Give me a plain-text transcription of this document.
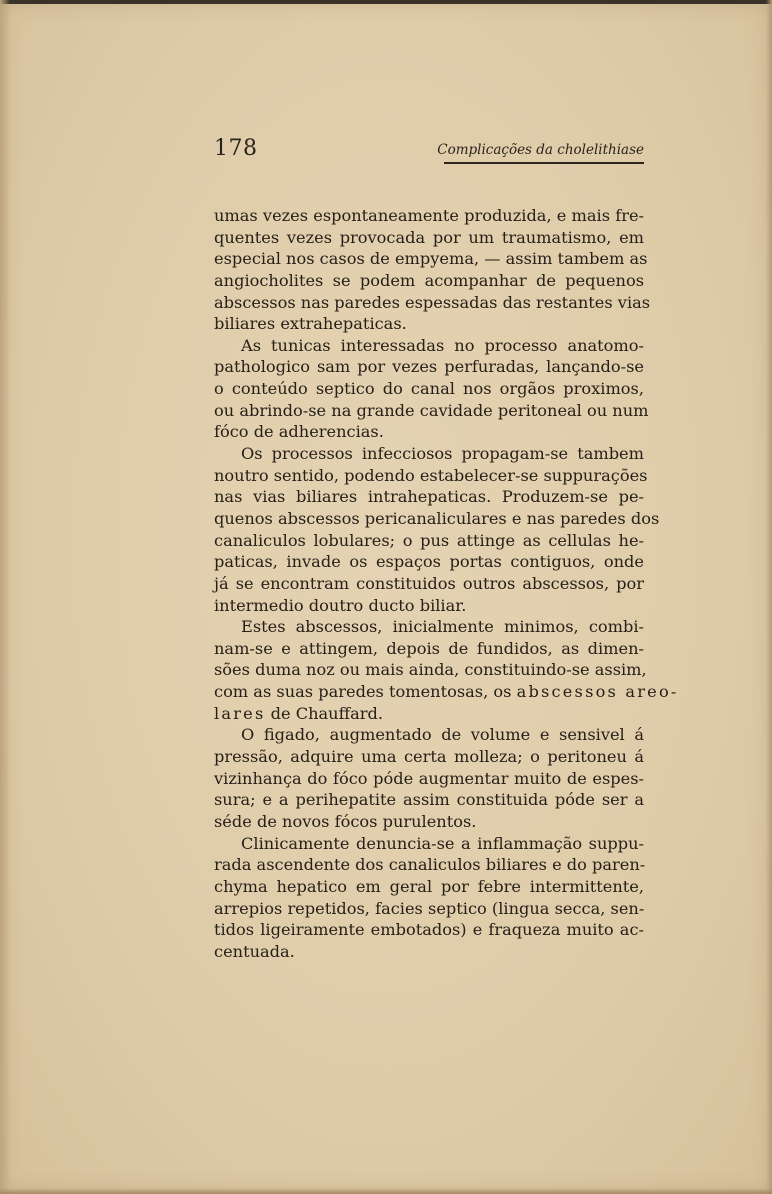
178	Complicações da cholelithiase
umas vezes espontaneamente produzida, e mais fre-
quentes vezes provocada por um traumatismo, em
especial nos casos de empyema, — assim tambem as
angiocholites se podem acompanhar de pequenos
abscessos nas paredes espessadas das restantes vias
biliares extrahepaticas.
As tunicas interessadas no processo anatomo-
pathologico sam por vezes perfuradas, lançando-se
o conteúdo septico do canal nos orgãos proximos,
ou abrindo-se na grande cavidade peritoneal ou num
fóco de adherencias.
Os processos infecciosos propagam-se tambem
noutro sentido, podendo estabelecer-se suppurações
nas vias biliares intrahepaticas. Produzem-se pe-
quenos abscessos pericanaliculares e nas paredes dos
canaliculos lobulares; o pus attinge as cellulas he-
paticas, invade os espaços portas contiguos, onde
já se encontram constituidos outros abscessos, por
intermedio doutro ducto biliar.
Estes abscessos, inicialmente minimos, combi-
nam-se e attingem, depois de fundidos, as dimen-
sões duma noz ou mais ainda, constituindo-se assim,
com as suas paredes tomentosas, os abscessos areo-
lares de Chauffard.
O figado, augmentado de volume e sensivel á
pressão, adquire uma certa molleza; o peritoneu á
vizinhança do fóco póde augmentar muito de espes-
sura; e a perihepatite assim constituida póde ser a
séde de novos fócos purulentos.
Clinicamente denuncia-se a inflammação suppu-
rada ascendente dos canaliculos biliares e do paren-
chyma hepatico em geral por febre intermittente,
arrepios repetidos, facies septico (lingua secca, sen-
tidos ligeiramente embotados) e fraqueza muito ac-
centuada.
